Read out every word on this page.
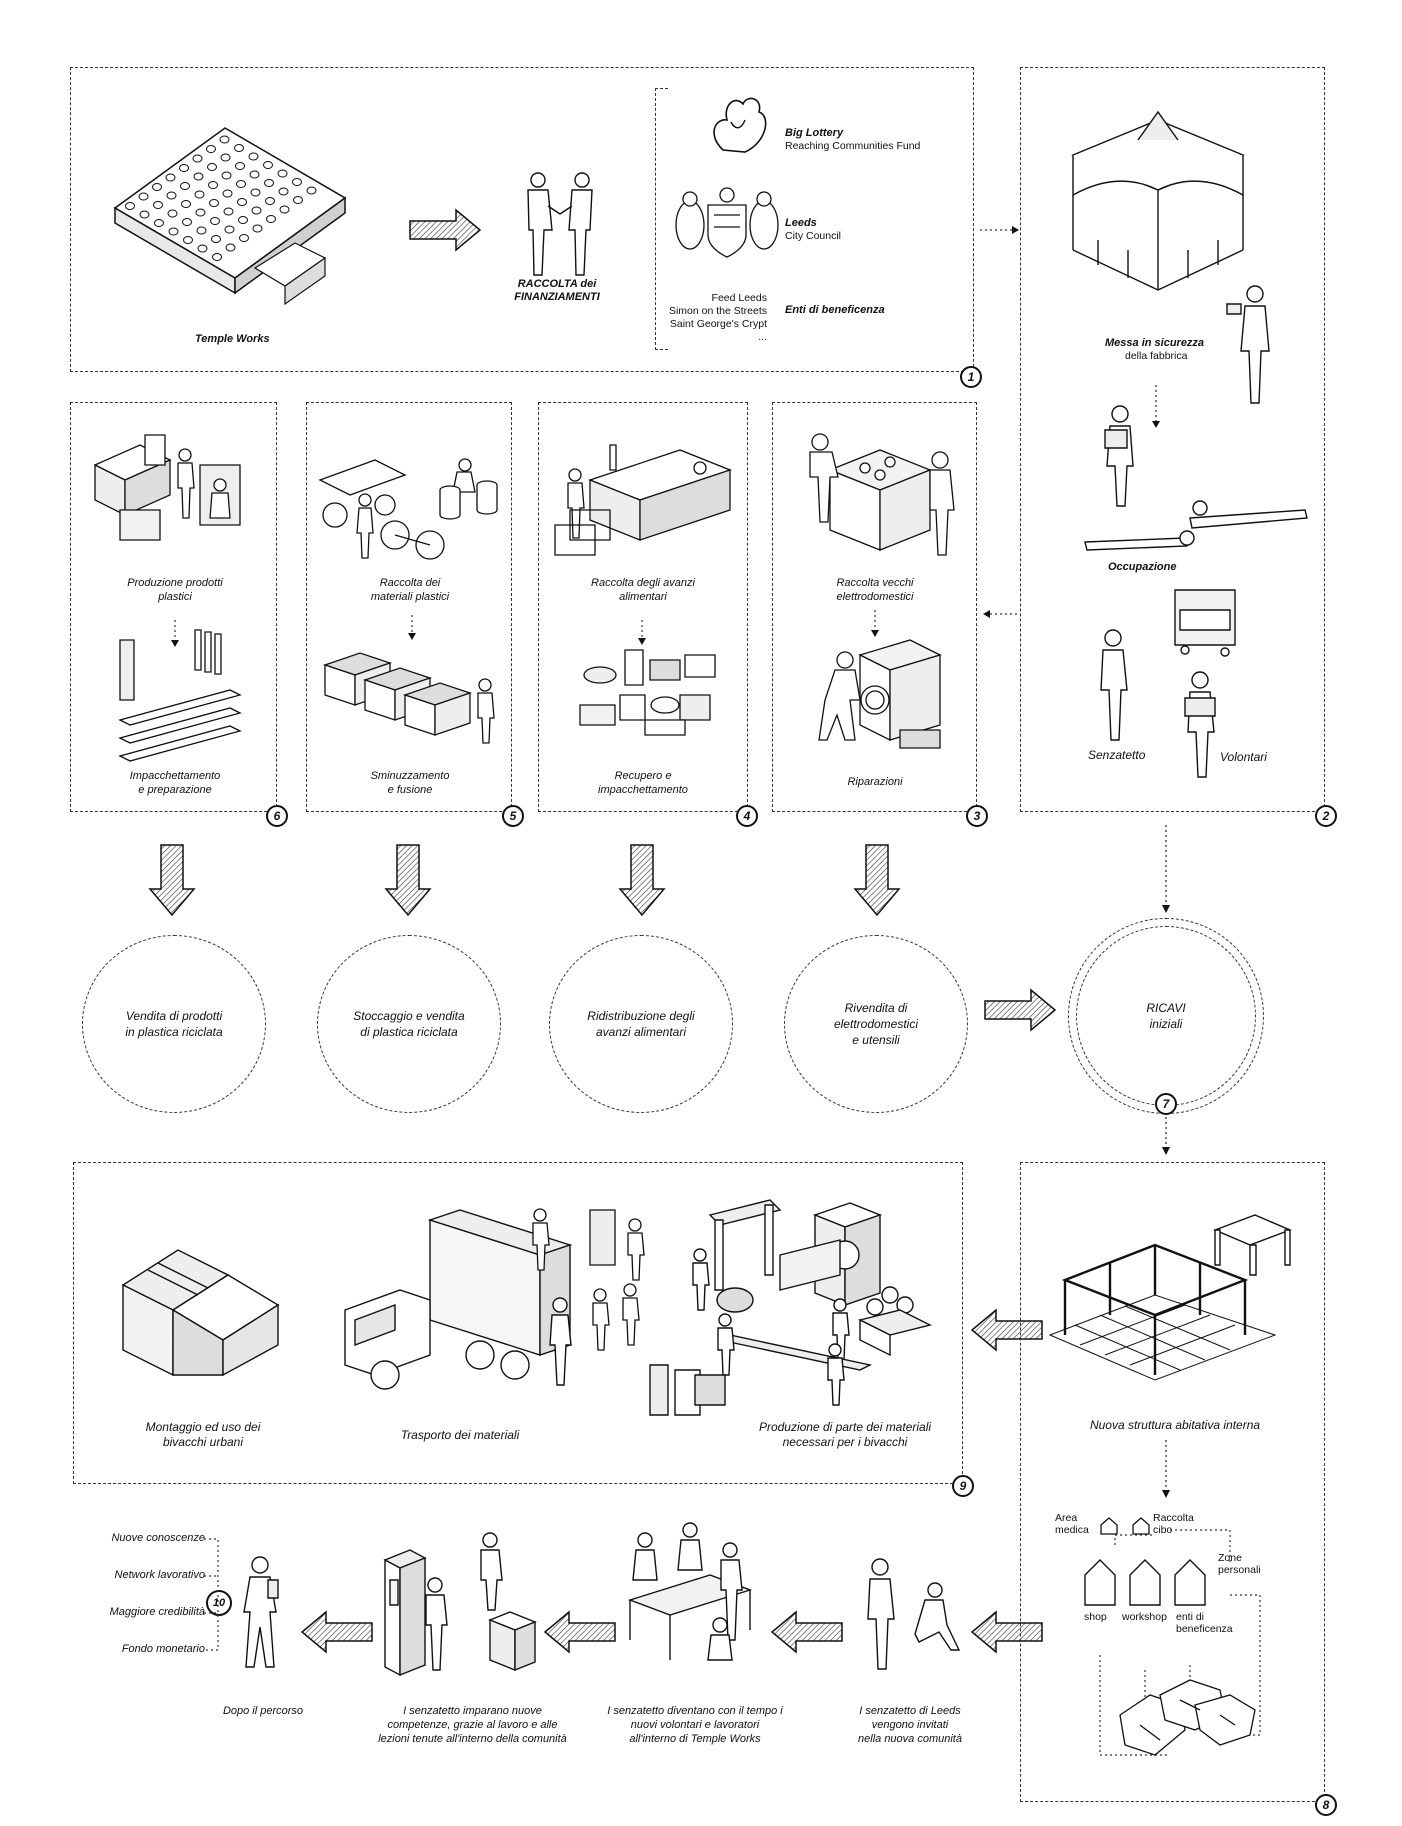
Temple Works
RACCOLTA dei
FINANZIAMENTI
Big Lottery
Reaching Communities Fund
Leeds
City Council
Feed Leeds
Simon on the Streets
Saint George's Crypt
...
Enti di beneficenza
1
Messa in sicurezza
della fabbrica
Occupazione
Senzatetto	Volontari
2
Produzione prodotti
plastici
Impacchettamento
e preparazione
6
Raccolta dei
materiali plastici
Sminuzzamento
e fusione
5
Raccolta degli avanzi
alimentari
Recupero e
impacchettamento
4
Raccolta vecchi
elettrodomestici
Riparazioni
3
Vendita di prodotti
in plastica riciclata
Stoccaggio e vendita
di plastica riciclata
Ridistribuzione degli
avanzi alimentari
Rivendita di
elettrodomestici
e utensili
RICAVI
iniziali
7
Montaggio ed uso dei
bivacchi urbani	Trasporto dei materiali
Produzione di parte dei materiali
necessari per i bivacchi
9
Nuova struttura abitativa interna
Area
medica
Raccolta
cibo
Zone
personali
shop workshop enti di
beneficenza
8
I senzatetto di Leeds
vengono invitati
nella nuova comunità
I senzatetto diventano con il tempo i
nuovi volontari e lavoratori
all'interno di Temple Works
I senzatetto imparano nuove
competenze, grazie al lavoro e alle
lezioni tenute all'interno della comunità
10
Dopo il percorso
Nuove conoscenze
Network lavorativo
Maggiore credibilità
Fondo monetario
